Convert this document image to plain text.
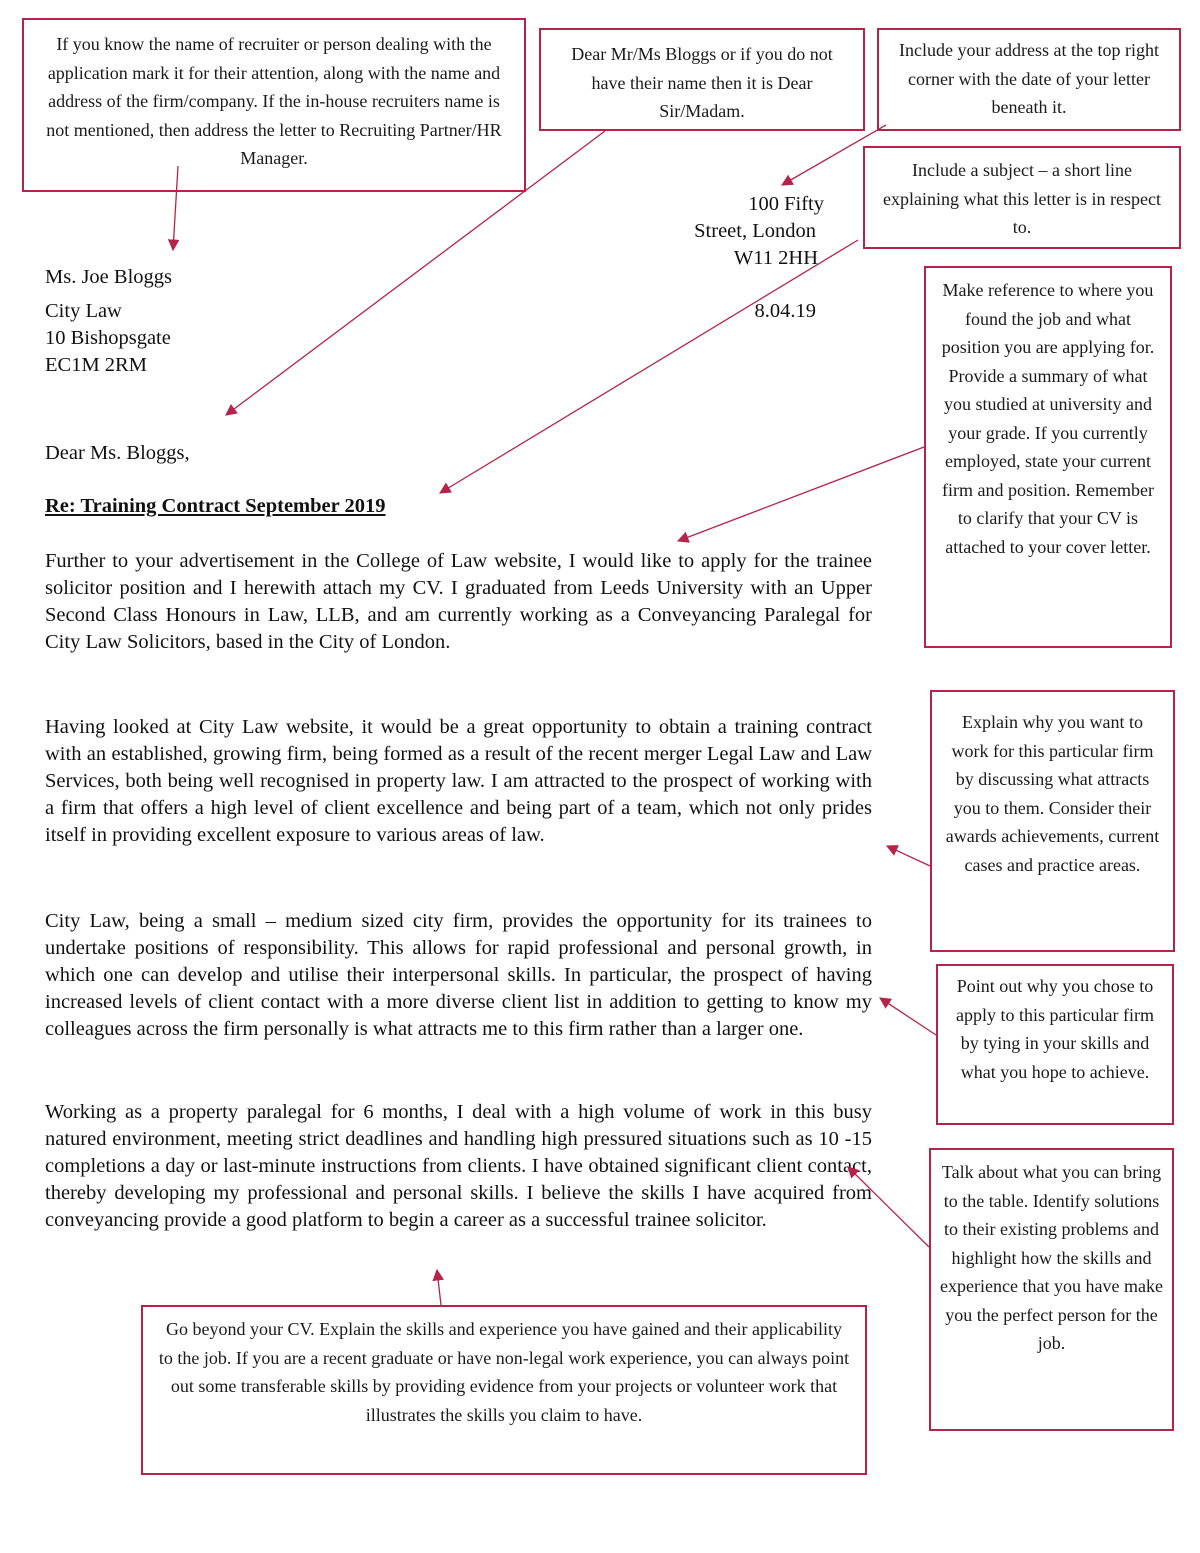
If you know the name of recruiter or person dealing with the application mark it for their attention, along with the name and address of the firm/company. If the in-house recruiters name is not mentioned, then address the letter to Recruiting Partner/HR Manager.

Dear Mr/Ms Bloggs or if you do not have their name then it is Dear Sir/Madam.

Include your address at the top right corner with the date of your letter beneath it.

Include a subject – a short line explaining what this letter is in respect to.

Make reference to where you found the job and what position you are applying for. Provide a summary of what you studied at university and your grade. If you currently employed, state your current firm and position. Remember to clarify that your CV is attached to your cover letter.

Explain why you want to work for this particular firm by discussing what attracts you to them. Consider their awards achievements, current cases and practice areas.

Point out why you chose to apply to this particular firm by tying in your skills and what you hope to achieve.

Talk about what you can bring to the table. Identify solutions to their existing problems and highlight how the skills and experience that you have make you the perfect person for the job.

Go beyond your CV. Explain the skills and experience you have gained and their applicability to the job. If you are a recent graduate or have non-legal work experience, you can always point out some transferable skills by providing evidence from your projects or volunteer work that illustrates the skills you claim to have.

100 Fifty

Street, London

W11 2HH

8.04.19

Ms. Joe Bloggs

City Law

10 Bishopsgate

EC1M 2RM

Dear Ms. Bloggs,

Re: Training Contract September 2019

Further to your advertisement in the College of Law website, I would like to apply for the trainee solicitor position and I herewith attach my CV. I graduated from Leeds University with an Upper Second Class Honours in Law, LLB, and am currently working as a Conveyancing Paralegal for City Law Solicitors, based in the City of London.

Having looked at City Law website, it would be a great opportunity to obtain a training contract with an established, growing firm, being formed as a result of the recent merger Legal Law and Law Services, both being well recognised in property law. I am attracted to the prospect of working with a firm that offers a high level of client excellence and being part of a team, which not only prides itself in providing excellent exposure to various areas of law.

City Law, being a small – medium sized city firm, provides the opportunity for its trainees to undertake positions of responsibility. This allows for rapid professional and personal growth, in which one can develop and utilise their interpersonal skills. In particular, the prospect of having increased levels of client contact with a more diverse client list in addition to getting to know my colleagues across the firm personally is what attracts me to this firm rather than a larger one.

Working as a property paralegal for 6 months, I deal with a high volume of work in this busy natured environment, meeting strict deadlines and handling high pressured situations such as 10 -15 completions a day or last-minute instructions from clients. I have obtained significant client contact, thereby developing my professional and personal skills. I believe the skills I have acquired from conveyancing provide a good platform to begin a career as a successful trainee solicitor.
